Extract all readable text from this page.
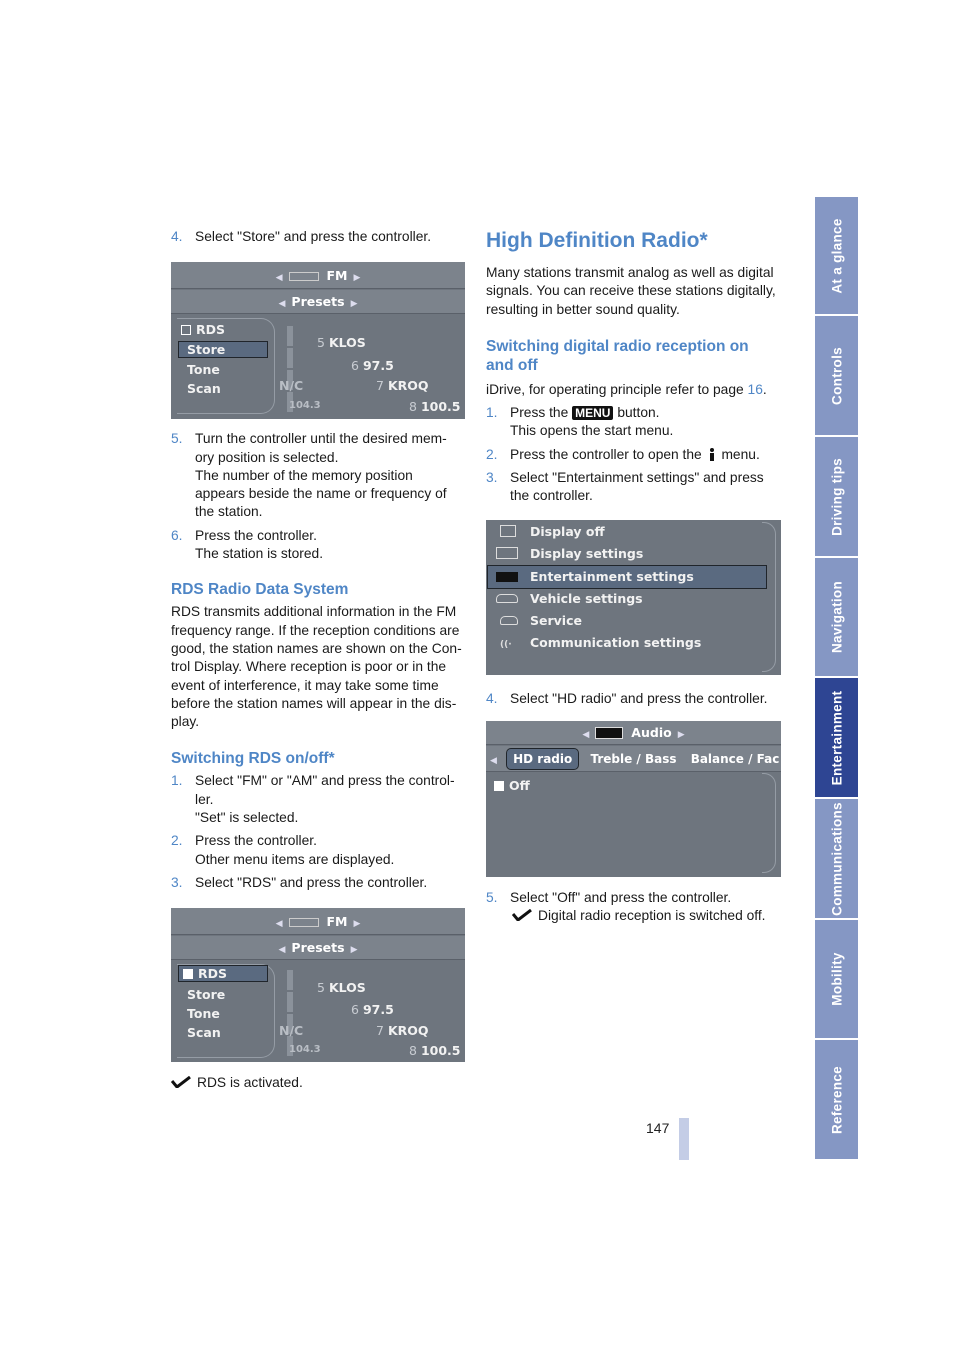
At a glance
Controls
Driving tips
Navigation
Entertainment
Communications
Mobility
Reference
147
4. Select "Store" and press the controller.
◀	FM ▶
◀ Presets ▶
RDS
Store
Tone
Scan
5 KLOS
6 97.5
N/C	7 KROQ
104.3	8 100.5
5. Turn the controller until the desired mem-
ory position is selected.
The number of the memory position
appears beside the name or frequency of
the station.
6. Press the controller.
The station is stored.
RDS Radio Data System

RDS transmits additional information in the FM
frequency range. If the reception conditions are
good, the station names are shown on the Con-
trol Display. Where reception is poor or in the
event of interference, it may take some time
before the station names will appear in the dis-
play.

Switching RDS on/off*
1. Select "FM" or "AM" and press the control-
ler.
"Set" is selected.
2. Press the controller.
Other menu items are displayed.
3. Select "RDS" and press the controller.
◀	FM ▶
◀ Presets ▶
RDS
Store
Tone
Scan
5 KLOS
6 97.5
N/C	7 KROQ
104.3	8 100.5

RDS is activated.

High Definition Radio*

Many stations transmit analog as well as digital
signals. You can receive these stations digitally,
resulting in better sound quality.

Switching digital radio reception on
and off

iDrive, for operating principle refer to page 16.

1. Press the MENU button.
This opens the start menu.
2. Press the controller to open the menu.
3. Select "Entertainment settings" and press
the controller.
Display off
Display settings
Entertainment settings
Vehicle settings
Service
((· Communication settings
4. Select "HD radio" and press the controller.
◀	Audio ▶
◀ HD radio Treble / Bass Balance / Fac
Off
5. Select "Off" and press the controller.
Digital radio reception is switched off.
